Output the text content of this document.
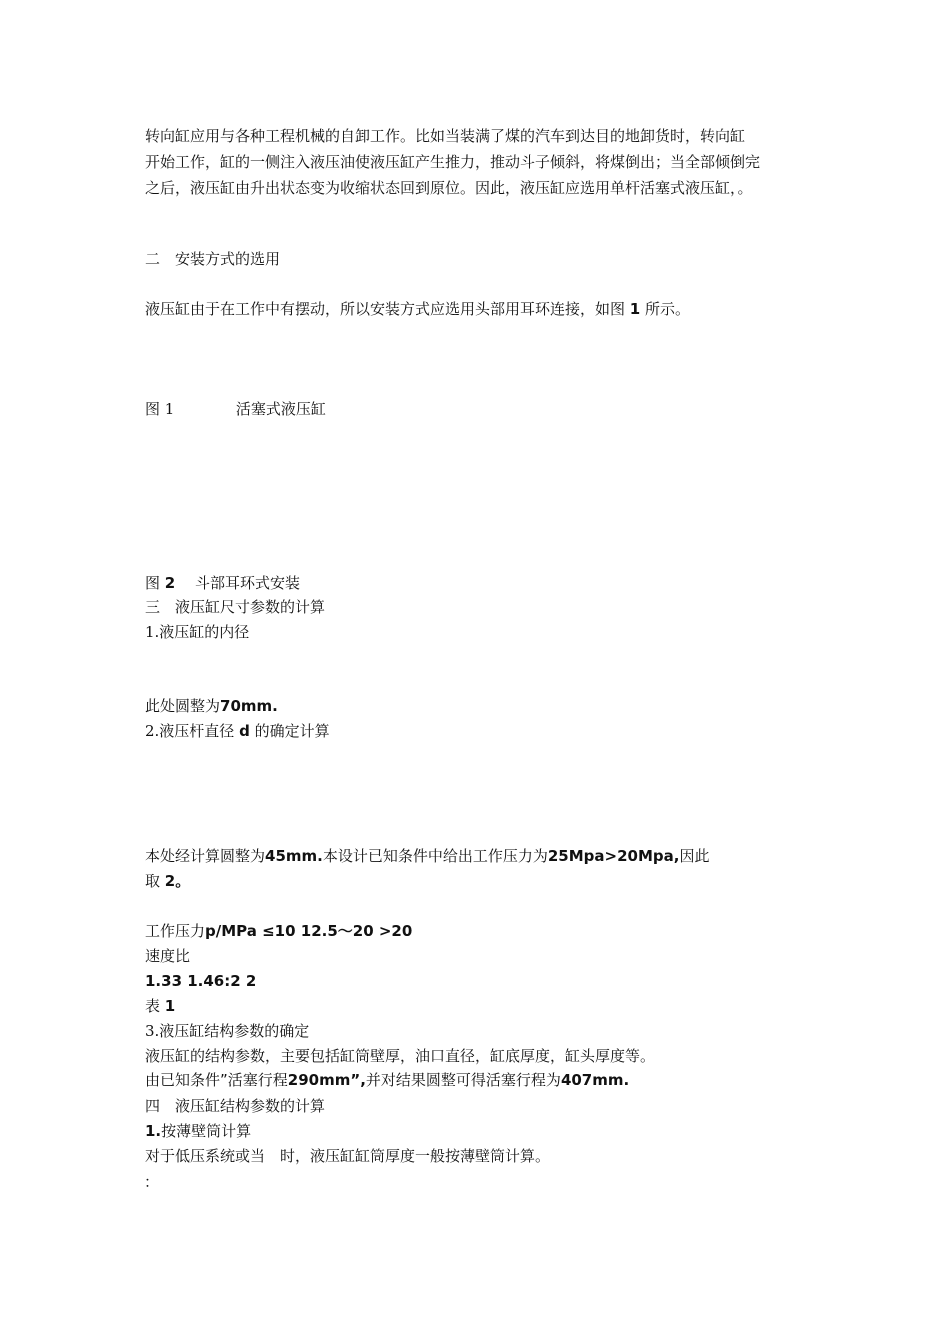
转向缸应用与各种工程机械的自卸工作。比如当装满了煤的汽车到达目的地卸货时，转向缸
开始工作，缸的一侧注入液压油使液压缸产生推力，推动斗子倾斜，将煤倒出；当全部倾倒完
之后，液压缸由升出状态变为收缩状态回到原位。因此，液压缸应选用单杆活塞式液压缸，。
二　安装方式的选用
液压缸由于在工作中有摆动，所以安装方式应选用头部用耳环连接，如图 1 所示。
图 1	活塞式液压缸
图 2 　斗部耳环式安装
三　液压缸尺寸参数的计算
1.液压缸的内径
此处圆整为70mm.
2.液压杆直径 d 的确定计算
本处经计算圆整为45mm.本设计已知条件中给出工作压力为25Mpa>20Mpa,因此
取 2。
工作压力p/MPa ≤10 12.5～20 >20
速度比
1.33 1.46:2 2
表 1
3.液压缸结构参数的确定
液压缸的结构参数，主要包括缸筒壁厚，油口直径，缸底厚度，缸头厚度等。
由已知条件”活塞行程290mm”,并对结果圆整可得活塞行程为407mm.
四　液压缸结构参数的计算
1.按薄壁筒计算
对于低压系统或当　时，液压缸缸筒厚度一般按薄壁筒计算。
：
